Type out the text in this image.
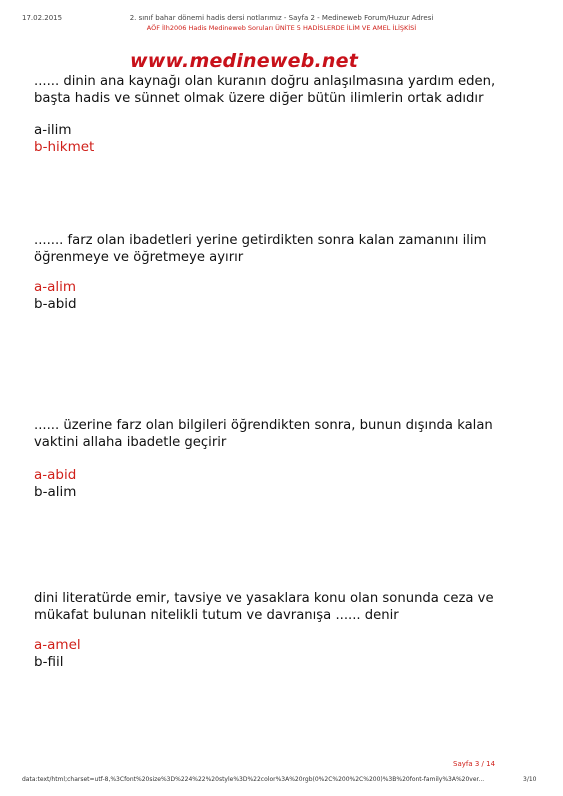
17.02.2015	2. sınıf bahar dönemi hadis dersi notlarımız - Sayfa 2 - Medineweb Forum/Huzur Adresi
AÖF İlh2006 Hadis Medineweb Soruları ÜNİTE 5 HADİSLERDE İLİM VE AMEL İLİŞKİSİ
www.medineweb.net
...... dinin ana kaynağı olan kuranın doğru anlaşılmasına yardım eden, başta hadis ve sünnet olmak üzere diğer bütün ilimlerin ortak adıdır
a-ilim
b-hikmet
....... farz olan ibadetleri yerine getirdikten sonra kalan zamanını ilim öğrenmeye ve öğretmeye ayırır
a-alim
b-abid
...... üzerine farz olan bilgileri öğrendikten sonra, bunun dışında kalan vaktini allaha ibadetle geçirir
a-abid
b-alim
dini literatürde emir, tavsiye ve yasaklara konu olan sonunda ceza ve mükafat bulunan nitelikli tutum ve davranışa ...... denir
a-amel
b-fiil
Sayfa 3 / 14
data:text/html;charset=utf-8,%3Cfont%20size%3D%224%22%20style%3D%22color%3A%20rgb(0%2C%200%2C%200)%3B%20font-family%3A%20ver...	3/10
